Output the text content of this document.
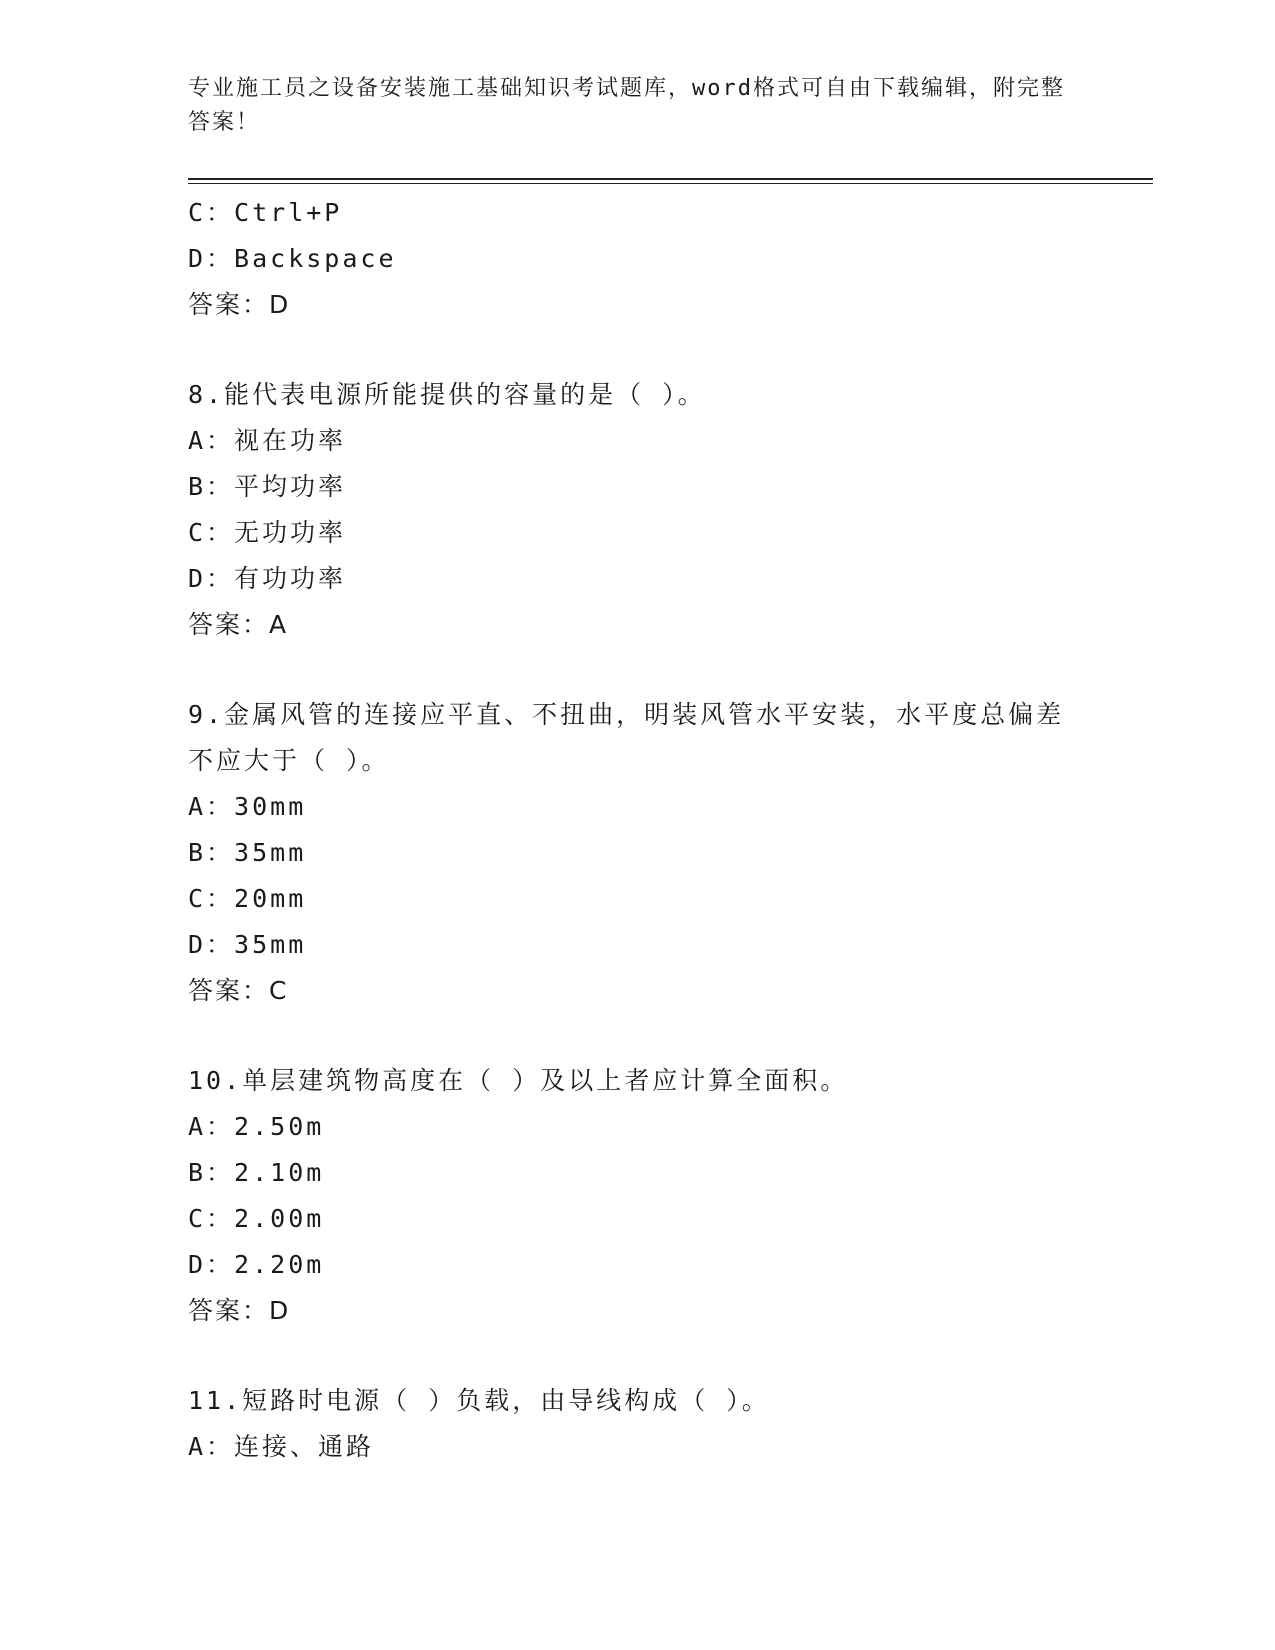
专业施工员之设备安装施工基础知识考试题库，word格式可自由下载编辑，附完整答案！
C：Ctrl+P
D：Backspace
答案：D
8.能代表电源所能提供的容量的是（ ）。
A：视在功率
B：平均功率
C：无功功率
D：有功功率
答案：A
9.金属风管的连接应平直、不扭曲，明装风管水平安装，水平度总偏差不应大于（ ）。
A：30mm
B：35mm
C：20mm
D：35mm
答案：C
10.单层建筑物高度在（ ）及以上者应计算全面积。
A：2.50m
B：2.10m
C：2.00m
D：2.20m
答案：D
11.短路时电源（ ）负载，由导线构成（ ）。
A：连接、通路
